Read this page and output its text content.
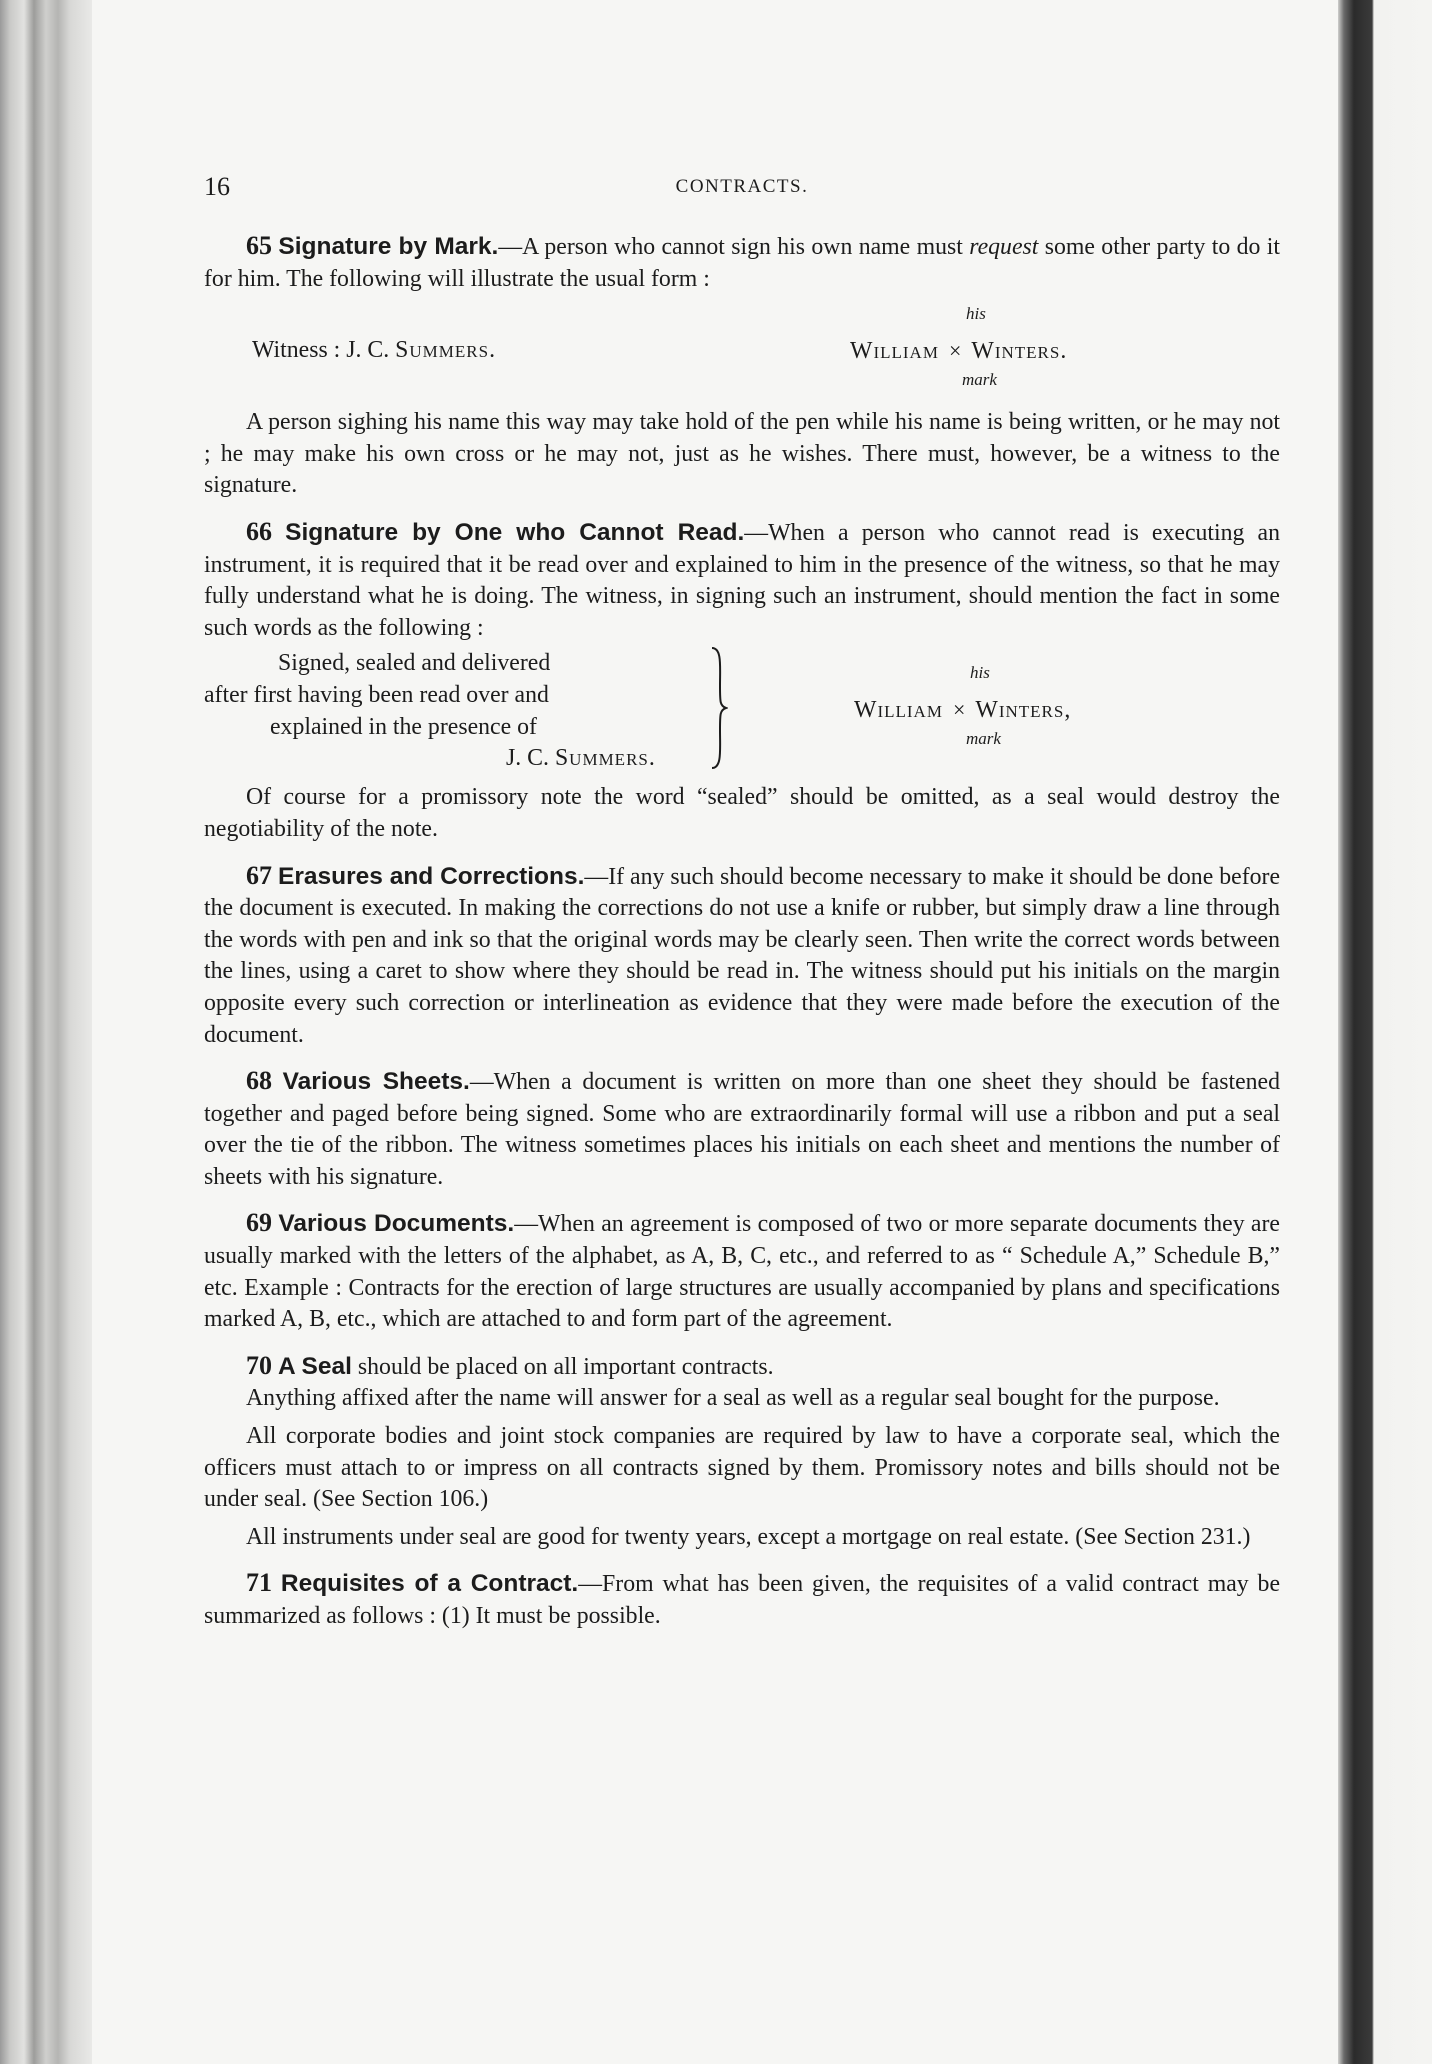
16	CONTRACTS.

65 Signature by Mark.—A person who cannot sign his own name must request some other party to do it for him. The following will illustrate the usual form :

Witness : J. C. Summers.
his
William × Winters.
mark

A person sighing his name this way may take hold of the pen while his name is being written, or he may not ; he may make his own cross or he may not, just as he wishes. There must, however, be a witness to the signature.

66 Signature by One who Cannot Read.—When a person who cannot read is executing an instrument, it is required that it be read over and explained to him in the presence of the witness, so that he may fully understand what he is doing. The witness, in signing such an instrument, should mention the fact in some such words as the following :

Signed, sealed and delivered
after first having been read over and
explained in the presence of
J. C. Summers.
his
William × Winters,
mark

Of course for a promissory note the word “sealed” should be omitted, as a seal would destroy the negotiability of the note.

67 Erasures and Corrections.—If any such should become necessary to make it should be done before the document is executed. In making the corrections do not use a knife or rubber, but simply draw a line through the words with pen and ink so that the original words may be clearly seen. Then write the correct words between the lines, using a caret to show where they should be read in. The witness should put his initials on the margin opposite every such correction or interlineation as evidence that they were made before the execution of the document.

68 Various Sheets.—When a document is written on more than one sheet they should be fastened together and paged before being signed. Some who are extraordinarily formal will use a ribbon and put a seal over the tie of the ribbon. The witness sometimes places his initials on each sheet and mentions the number of sheets with his signature.

69 Various Documents.—When an agreement is composed of two or more separate documents they are usually marked with the letters of the alphabet, as A, B, C, etc., and referred to as “ Schedule A,” Schedule B,” etc. Example : Contracts for the erection of large structures are usually accompanied by plans and specifications marked A, B, etc., which are attached to and form part of the agreement.

70 A Seal should be placed on all important contracts.

Anything affixed after the name will answer for a seal as well as a regular seal bought for the purpose.

All corporate bodies and joint stock companies are required by law to have a corporate seal, which the officers must attach to or impress on all contracts signed by them. Promissory notes and bills should not be under seal. (See Section 106.)

All instruments under seal are good for twenty years, except a mortgage on real estate. (See Section 231.)

71 Requisites of a Contract.—From what has been given, the requisites of a valid contract may be summarized as follows : (1) It must be possible.
